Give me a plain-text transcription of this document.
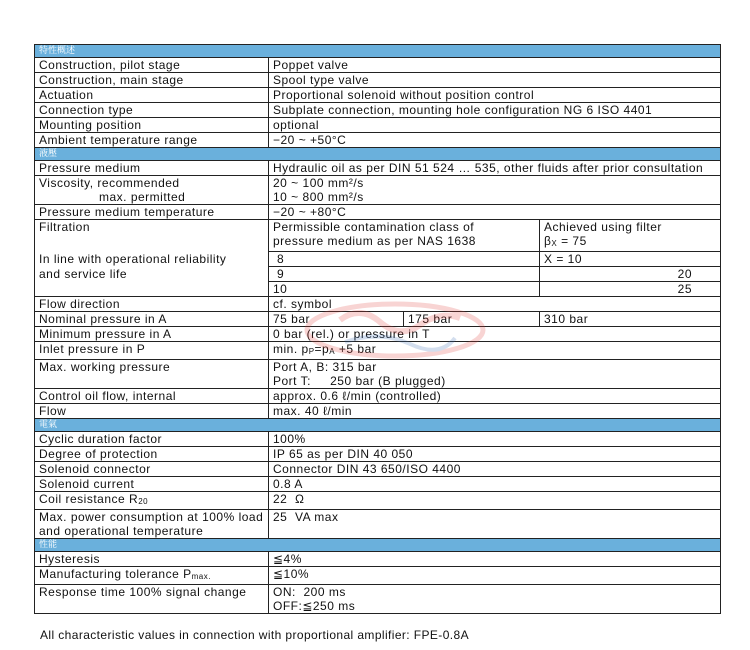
特性概述			
Construction, pilot stage	Poppet valve		
Construction, main stage	Spool type valve		
Actuation	Proportional solenoid without position control		
Connection type	Subplate connection, mounting hole configuration NG 6 ISO 4401		
Mounting position	optional		
Ambient temperature range	−20 ~ +50°C		
液壓			
Pressure medium	Hydraulic oil as per DIN 51 524 … 535, other fluids after prior consultation		
Viscosity, recommended	20 ~ 100 mm²/s		
max. permitted	10 ~ 800 mm²/s		
Pressure medium temperature	−20 ~ +80°C		
Filtration	Permissible contamination class of		Achieved using filter
	pressure medium as per NAS 1638		βX = 75
In line with operational reliability	8		X = 10
and service life	9		20
	10		25
Flow direction	cf. symbol		
Nominal pressure in A	75 bar	175 bar	310 bar
Minimum pressure in A	0 bar (rel.) or pressure in T		
Inlet pressure in P	min. pP=pA +5 bar		
Max. working pressure	Port A, B: 315 bar		
	Port T:     250 bar (B plugged)		
Control oil flow, internal	approx. 0.6 ℓ/min (controlled)		
Flow	max. 40 ℓ/min		
電氣			
Cyclic duration factor	100%		
Degree of protection	IP 65 as per DIN 40 050		
Solenoid connector	Connector DIN 43 650/ISO 4400		
Solenoid current	0.8 A		
Coil resistance R20	22  Ω		
Max. power consumption at 100% load	25  VA max		
and operational temperature			
性能			
Hysteresis	≦4%		
Manufacturing tolerance Pmax.	≦10%		
Response time 100% signal change	ON:  200 ms		
	OFF:≦250 ms		
All characteristic values in connection with proportional amplifier: FPE-0.8A
